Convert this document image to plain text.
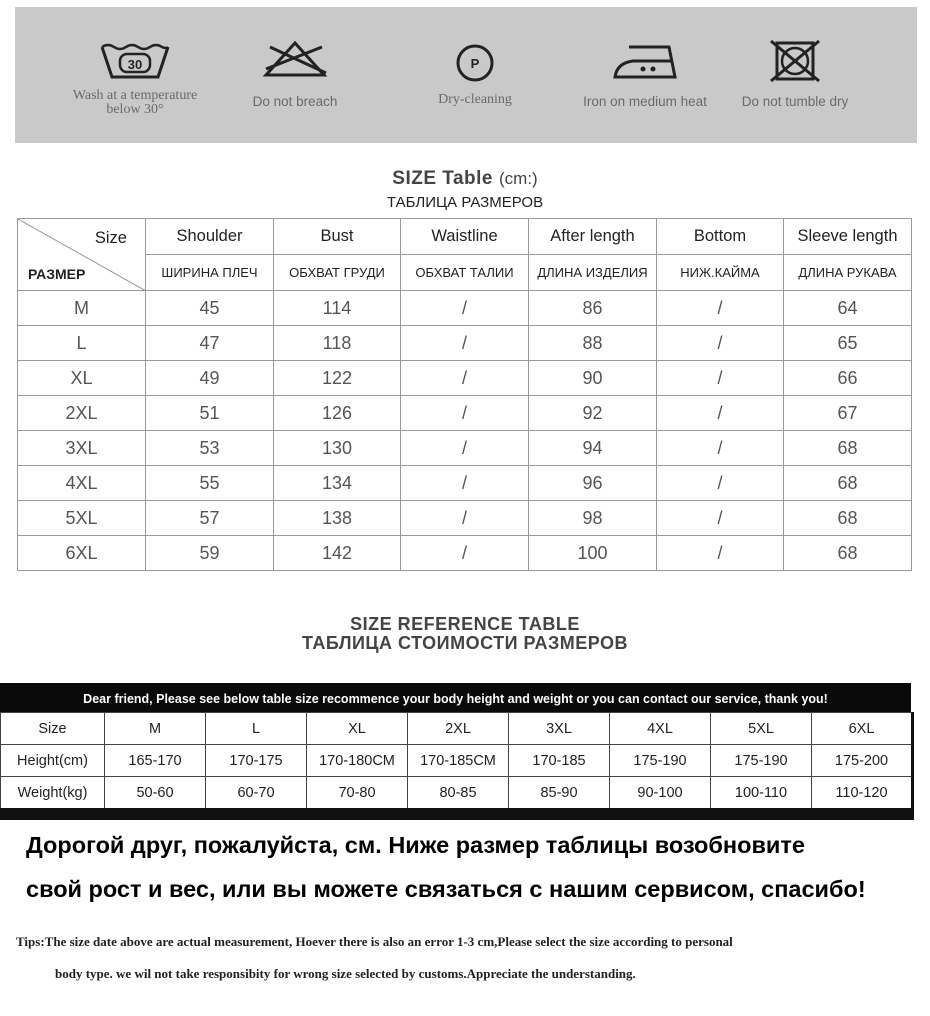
30
Wash at a temperature
below 30°
Do not breach
P
Dry-cleaning	Iron on medium heat	Do not tumble dry
SIZE Table (cm:)
ТАБЛИЦА РАЗМЕРОВ
Size
РАЗМЕР	Shoulder	Bust	Waistline	After length	Bottom	Sleeve length
	ШИРИНА ПЛЕЧ	ОБХВАТ ГРУДИ	ОБХВАТ ТАЛИИ	ДЛИНА ИЗДЕЛИЯ	НИЖ.КАЙМА	ДЛИНА РУКАВА
M	45	114	/	86	/	64
L	47	118	/	88	/	65
XL	49	122	/	90	/	66
2XL	51	126	/	92	/	67
3XL	53	130	/	94	/	68
4XL	55	134	/	96	/	68
5XL	57	138	/	98	/	68
6XL	59	142	/	100	/	68
SIZE REFERENCE TABLE
ТАБЛИЦА СТОИМОСТИ РАЗМЕРОВ
Dear friend, Please see below table size recommence your body height and weight or you can contact our service, thank you!
Size	M	L	XL	2XL	3XL	4XL	5XL	6XL
Height(cm)	165-170	170-175	170-180CM	170-185CM	170-185	175-190	175-190	175-200
Weight(kg)	50-60	60-70	70-80	80-85	85-90	90-100	100-110	110-120
Дорогой друг, пожалуйста, см. Ниже размер таблицы возобновите
свой рост и вес, или вы можете связаться с нашим сервисом, спасибо!
Tips:The size date above are actual measurement, Hoever there is also an error 1-3 cm,Please select the size according to personal
body type. we wil not take responsibity for wrong size selected by customs.Appreciate the understanding.
